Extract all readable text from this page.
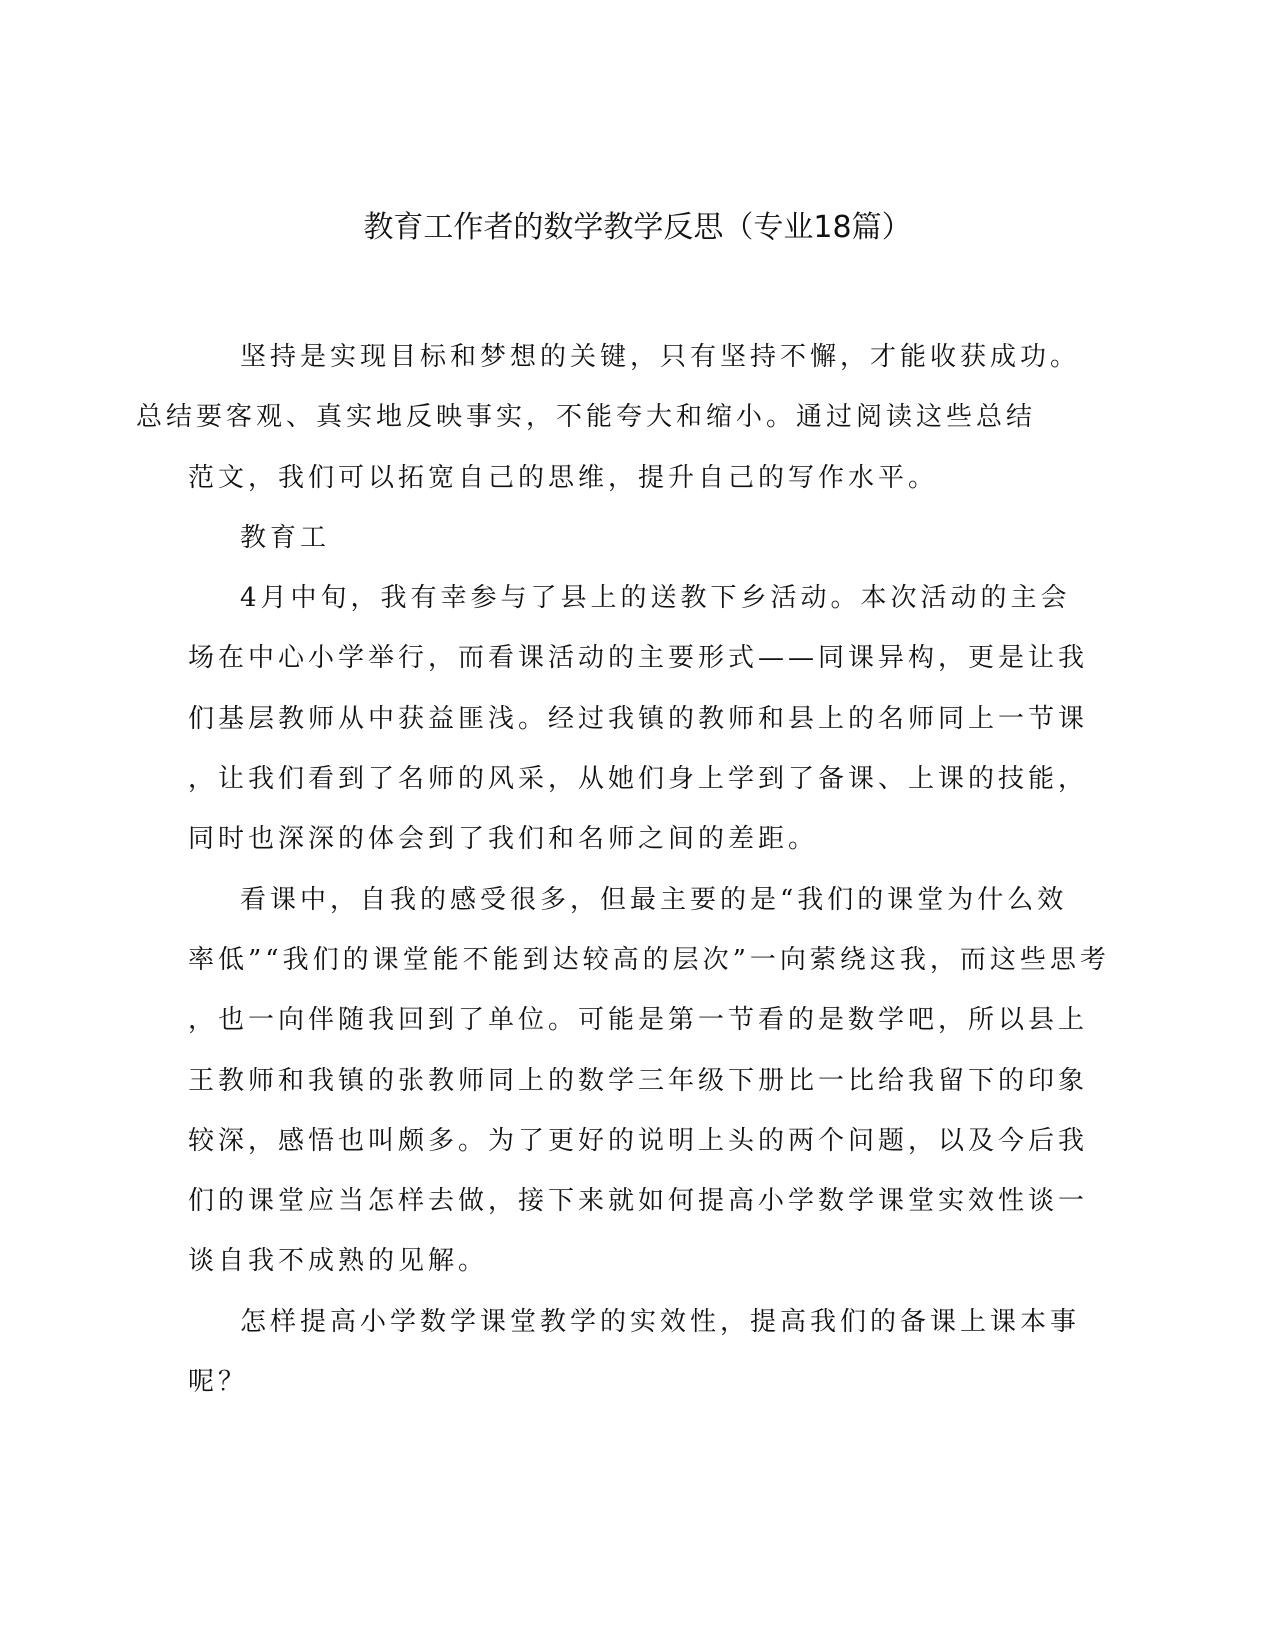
教育工作者的数学教学反思（专业18篇）

坚持是实现目标和梦想的关键，只有坚持不懈，才能收获成功。
总结要客观、真实地反映事实，不能夸大和缩小。通过阅读这些总结
范文，我们可以拓宽自己的思维，提升自己的写作水平。

教育工

4月中旬，我有幸参与了县上的送教下乡活动。本次活动的主会
场在中心小学举行，而看课活动的主要形式——同课异构，更是让我
们基层教师从中获益匪浅。经过我镇的教师和县上的名师同上一节课
，让我们看到了名师的风采，从她们身上学到了备课、上课的技能，
同时也深深的体会到了我们和名师之间的差距。

看课中，自我的感受很多，但最主要的是“我们的课堂为什么效
率低”“我们的课堂能不能到达较高的层次”一向萦绕这我，而这些思考
，也一向伴随我回到了单位。可能是第一节看的是数学吧，所以县上
王教师和我镇的张教师同上的数学三年级下册比一比给我留下的印象
较深，感悟也叫颇多。为了更好的说明上头的两个问题，以及今后我
们的课堂应当怎样去做，接下来就如何提高小学数学课堂实效性谈一
谈自我不成熟的见解。

怎样提高小学数学课堂教学的实效性，提高我们的备课上课本事
呢？
